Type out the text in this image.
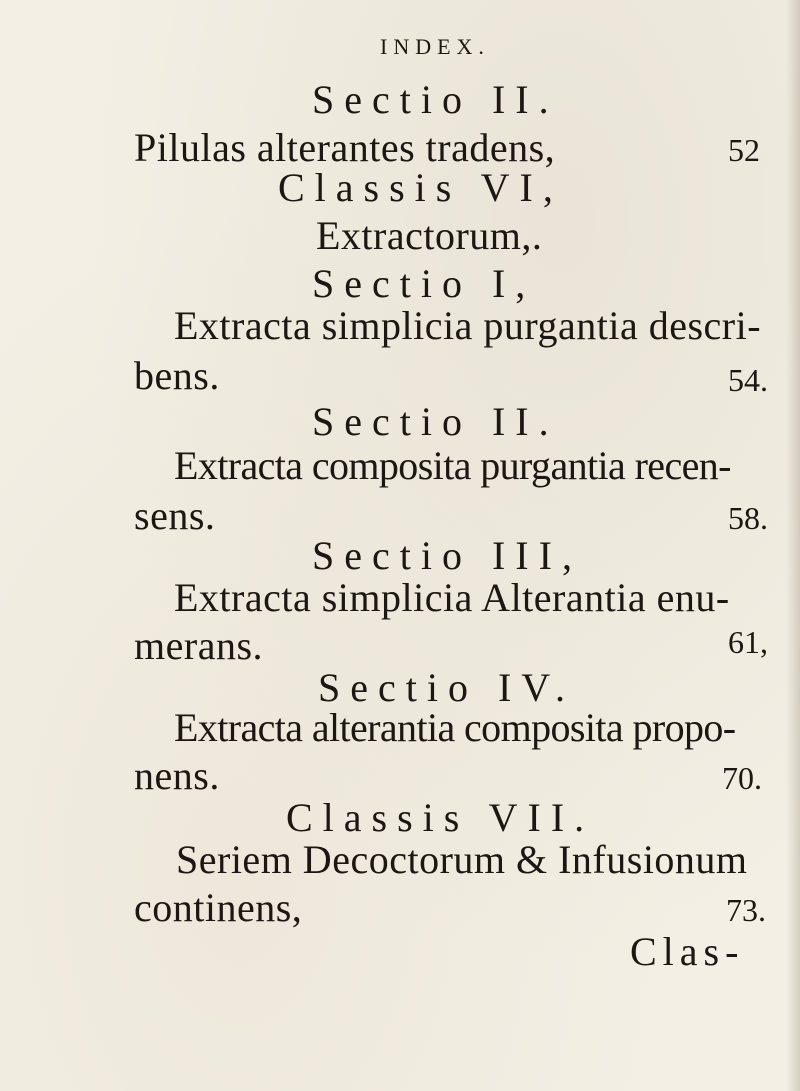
INDEX.
Sectio II.
Pilulas alterantes tradens,	52
Classis VI,
Extractorum,.
Sectio I,
Extracta simplicia purgantia descri-
bens.	54.
Sectio II.
Extracta composita purgantia recen-
sens.	58.
Sectio III,
Extracta simplicia Alterantia enu-
merans.	61,
Sectio IV.
Extracta alterantia composita propo-
nens.	70.
Classis VII.
Seriem Decoctorum & Infusionum
continens,	73.
Clas-
